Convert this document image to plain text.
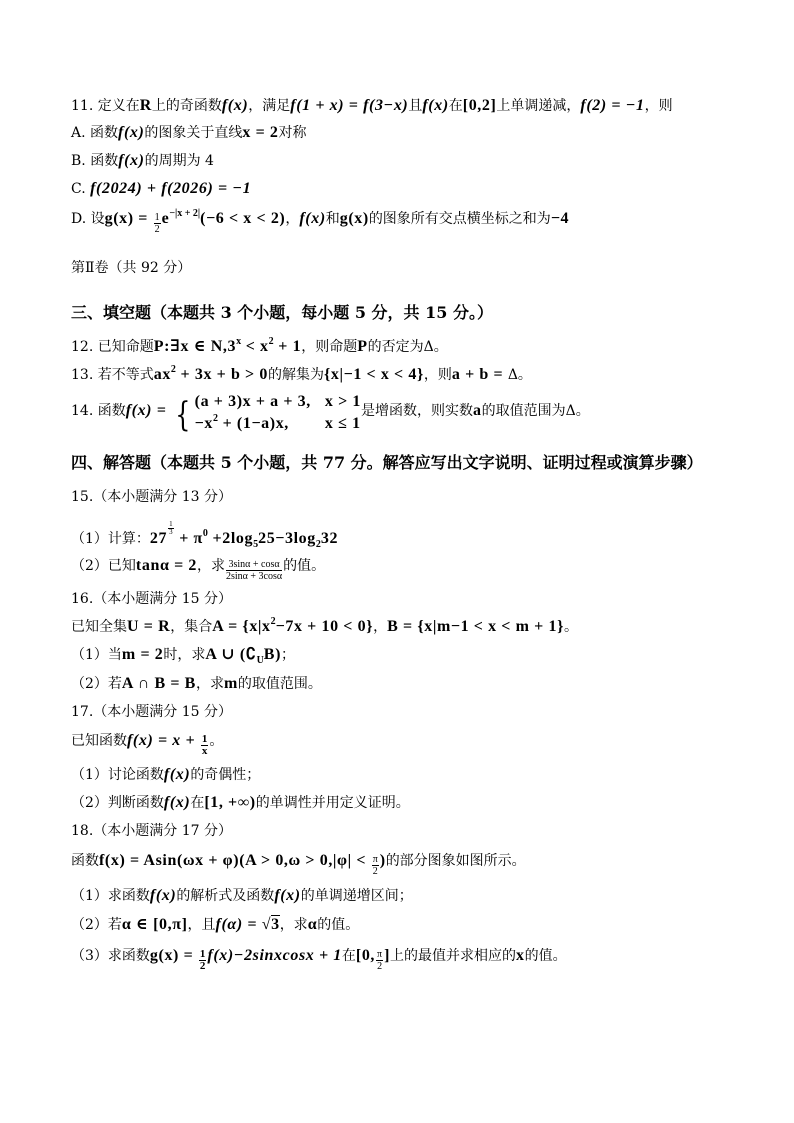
11. 定义在 R 上的奇函数 f(x) ，满足 f(1 + x) = f(3−x) 且 f(x) 在 [0,2] 上单调递减， f(2) = −1 ，则
A. 函数 f(x) 的图象关于直线 x = 2 对称
B. 函数 f(x) 的周期为 4
C.  f(2024) + f(2026) = −1
D. 设 $g(x) = \frac{1}{2}$ e $^{-|x + 2|}$ (−6 < x < 2) ， f(x) 和 g(x) 的图象所有交点横坐标之和为 −4
第Ⅱ卷（共 92 分）
三、填空题（本题共 3 个小题，每小题 5 分，共 15 分。）
12. 已知命题 P:∃x ∈ N,3 $^x$  < x $^2$  + 1 ，则命题 P 的否定为Δ。
13. 若不等式 ax $^2$  + 3x + b > 0 的解集为 {x|−1 < x < 4} ，则 a + b =  Δ。
14. 函数 f(x) =  { (a + 3)x + a + 3, x > 1
$-x^2 + (1-a)x$,	x ≤ 1
是增函数，则实数 a 的取值范围为Δ。
四、解答题（本题共 5 个小题，共 77 分。解答应写出文字说明、证明过程或演算步骤）
15.（本小题满分 13 分）
（1）计算： 27
$\frac{1}{3}$
+ π $^0$  +2log $_5$ 25−3log $_2$ 32
（2）已知 tanα = 2 ，求 $\frac{3\sin\alpha + \cos\alpha}{2\sin\alpha + 3\cos\alpha}$ 的值。
16.（本小题满分 15 分）
已知全集 U = R ，集合 A = {x|x $^2$ −7x + 10 < 0} ， B = {x|m−1 < x < m + 1} 。
（1）当 m = 2 时，求 A ∪ (∁ $_U$ B) ；
（2）若 A ∩ B = B ，求 m 的取值范围。
17.（本小题满分 15 分）
已知函数 $f(x) = x + \frac{1}{x}$ 。
（1）讨论函数 f(x) 的奇偶性；
（2）判断函数 f(x) 在 [1, +∞) 的单调性并用定义证明。
18.（本小题满分 17 分）
函数 $f(x) = Asin(\omega x + \varphi)(A > 0,\omega > 0,|\varphi| < \frac{\pi}{2}$ ) 的部分图象如图所示。
（1）求函数 f(x) 的解析式及函数 f(x) 的单调递增区间；
（2）若 α ∈ [0,π] ，且 f(α) =  √ 3 ，求 α 的值。
（3）求函数 $g(x) = \frac{1}{2}$ f(x)−2sinxcosx + 1 在 [0, $\frac{\pi}{2}$ ] 上的最值并求相应的 x 的值。
